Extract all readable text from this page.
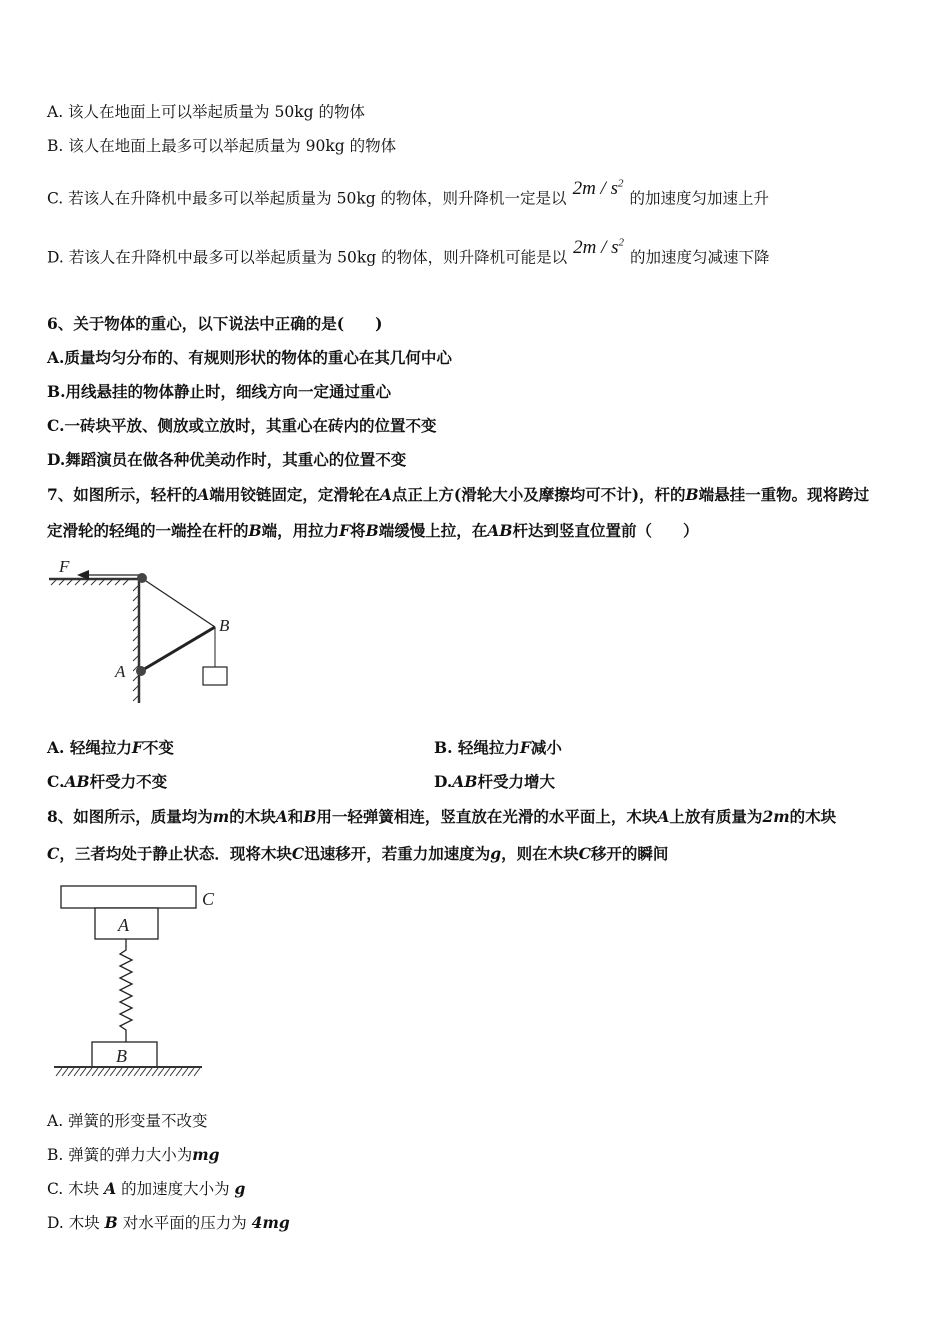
A. 该人在地面上可以举起质量为 50kg 的物体
B. 该人在地面上最多可以举起质量为 90kg 的物体
C. 若该人在升降机中最多可以举起质量为 50kg 的物体，则升降机一定是以 $2m / s^2$的加速度匀加速上升
D. 若该人在升降机中最多可以举起质量为 50kg 的物体，则升降机可能是以 $2m / s^2$的加速度匀减速下降
6、关于物体的重心，以下说法中正确的是(　　)
A.质量均匀分布的、有规则形状的物体的重心在其几何中心
B.用线悬挂的物体静止时，细线方向一定通过重心
C.一砖块平放、侧放或立放时，其重心在砖内的位置不变
D.舞蹈演员在做各种优美动作时，其重心的位置不变
7、如图所示，轻杆的A端用铰链固定，定滑轮在A点正上方(滑轮大小及摩擦均可不计)，杆的B端悬挂一重物。现将跨过
定滑轮的轻绳的一端拴在杆的B端，用拉力F将B端缓慢上拉，在AB杆达到竖直位置前（　　）
F
A
B
A. 轻绳拉力F不变	B. 轻绳拉力F减小
C.AB杆受力不变	D.AB杆受力增大
8、如图所示，质量均为m的木块A和B用一轻弹簧相连，竖直放在光滑的水平面上，木块A上放有质量为2m的木块
C，三者均处于静止状态．现将木块C迅速移开，若重力加速度为g，则在木块C移开的瞬间
C
A
B
A. 弹簧的形变量不改变
B. 弹簧的弹力大小为mg
C. 木块 A 的加速度大小为 g
D. 木块 B 对水平面的压力为 4mg
